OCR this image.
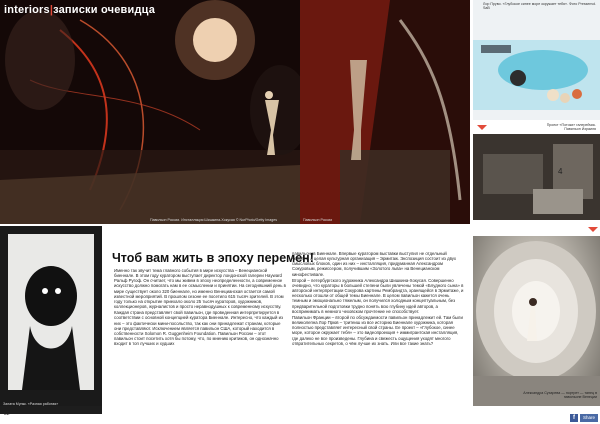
interiors|записки очевидца
Павильон России. Инсталляция Шишкина-Хокусая © NurPhoto/Getty Images	Павильон России
Лор Прувo. «Глубокое синее море окружает тебя». Фото Pressemol. SaB
Проект «Потоки» галерейчик. Павильон Израиля
4
Александра Сухарева — портрет — танец в павильоне Венеции
Залата Мункк. «Рaзная работая»
Чтоб вам жить в эпоху перемен!

Именно так звучит тема главного события в мире искусства – Венецианской биеннале. В этом году куратором выступает директор лондонской галереи Hayward Ральф Ругоф. Он считает, что мы живем в эпоху неопределенности, а современное искусство должно помогать нам в ее осмыслении и принятии. На сегодняшний день в мире существует около 320 биеннале, но именно Венецианская остается самой известной мероприятий. В прошлом сезоне ее посетило 615 тысяч зрителей. В этом году только на открытие приехало около 25 тысяч кураторов, художников, коллекционеров, журналистов и просто неравнодушных к современному искусству.

Каждая страна представляет свой павильон, где проведенная интерпретируется в соответствии с основной концепцией куратора Биеннале. Интересно, что каждый из них – это фактически мини-посольство, так как они принадлежат странам, которые они представляют. Исключением является павильон США, который находится в собственности Solomon R. Guggenheim Foundation. Павильон России – этот павильон стоит посетить хотя бы потому, что, по мнению критиков, он однозначно входит в топ лучших и худших

павильонов Биеннале. Впервые куратором выставки выступил не отдельный человек, а целая культурная организация – Эрмитаж. Экспозиция состоит из двух смысловых блоков, один из них – инсталляция, придуманная Александром Сокуровым, режиссером, получившим «Золотого льва» на Венецианском кинофестивале.

Второй – петербургского художника Александра Шишкина-Хокусая. Совершенно очевидно, что кураторы в большей степени были увлечены темой «Блудного сына» в авторской интерпретации Сокурова картины Рембрандта, хранящейся в Эрмитаже, и несколько отошли от общей темы Биеннале. В целом павильон кажется очень темным и эмоционально тяжелым, он получился холодным концептуальным, без предварительной подготовки трудно понять всю глубину идей авторов, а воспринимать в немного чеховском прочтение не способствует.

Павильон Франции – второй по обсуждаемости павильон принадлежит ей. Там были великолепна Лор Прюв – тритеиш из все историю Биеннале художника, которая полностью представляет интересный свой страны. Ее проект – «Глубокое, синее море, которое окружает тебя» – это видеопроекция + иммигрантская инсталляция, где далеко не все произведены. Глубина и свежесть ощущения уходят многого отвратительных секретов, о чём лучше их знать. Или все такие знать?

82
f	Share
